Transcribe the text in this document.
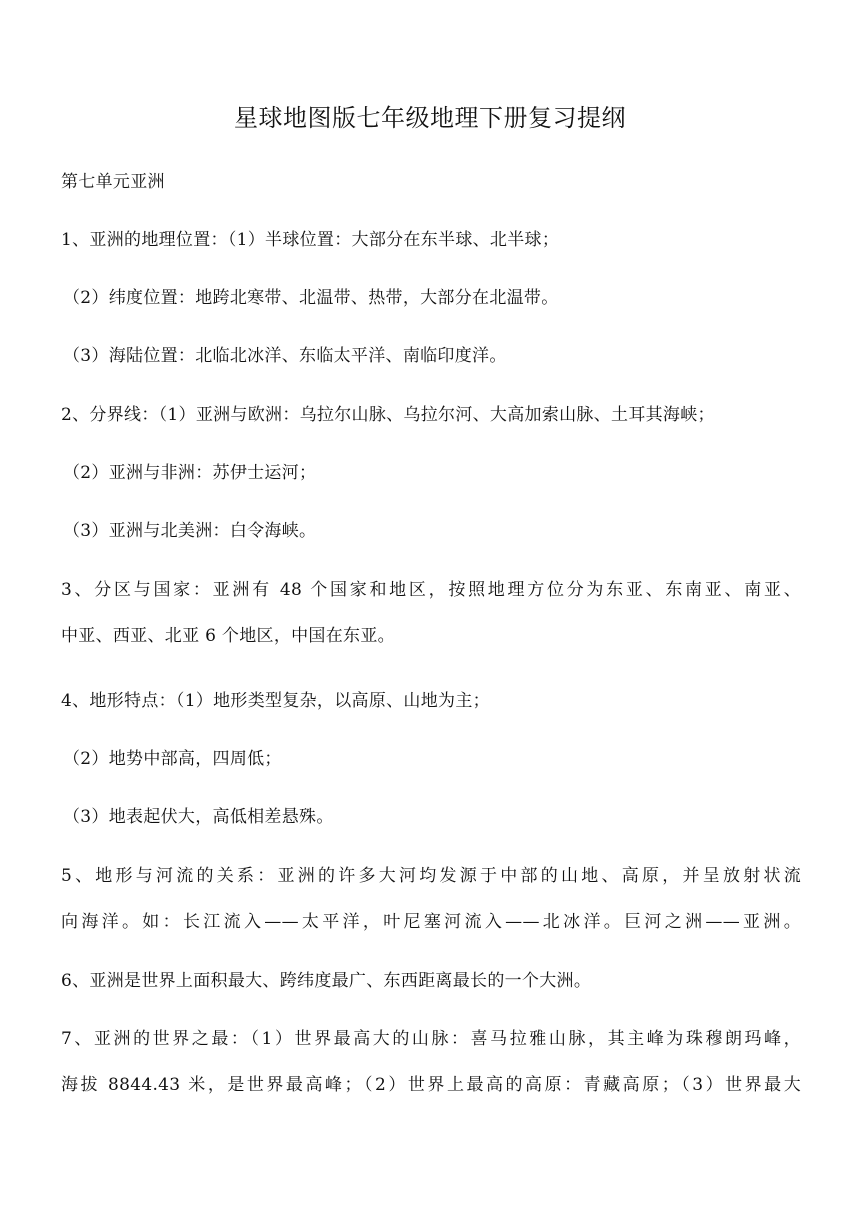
星球地图版七年级地理下册复习提纲
第七单元亚洲
1、亚洲的地理位置：（1）半球位置：大部分在东半球、北半球；
（2）纬度位置：地跨北寒带、北温带、热带，大部分在北温带。
（3）海陆位置：北临北冰洋、东临太平洋、南临印度洋。
2、分界线：（1）亚洲与欧洲：乌拉尔山脉、乌拉尔河、大高加索山脉、土耳其海峡；
（2）亚洲与非洲：苏伊士运河；
（3）亚洲与北美洲：白令海峡。
3、分区与国家：亚洲有 48 个国家和地区，按照地理方位分为东亚、东南亚、南亚、
中亚、西亚、北亚 6 个地区，中国在东亚。
4、地形特点：（1）地形类型复杂，以高原、山地为主；
（2）地势中部高，四周低；
（3）地表起伏大，高低相差悬殊。
5、地形与河流的关系：亚洲的许多大河均发源于中部的山地、高原，并呈放射状流
向海洋。如：长江流入——太平洋，叶尼塞河流入——北冰洋。巨河之洲——亚洲。
6、亚洲是世界上面积最大、跨纬度最广、东西距离最长的一个大洲。
7、亚洲的世界之最：（1）世界最高大的山脉：喜马拉雅山脉，其主峰为珠穆朗玛峰，
海拔 8844.43 米，是世界最高峰；（2）世界上最高的高原：青藏高原；（3）世界最大
